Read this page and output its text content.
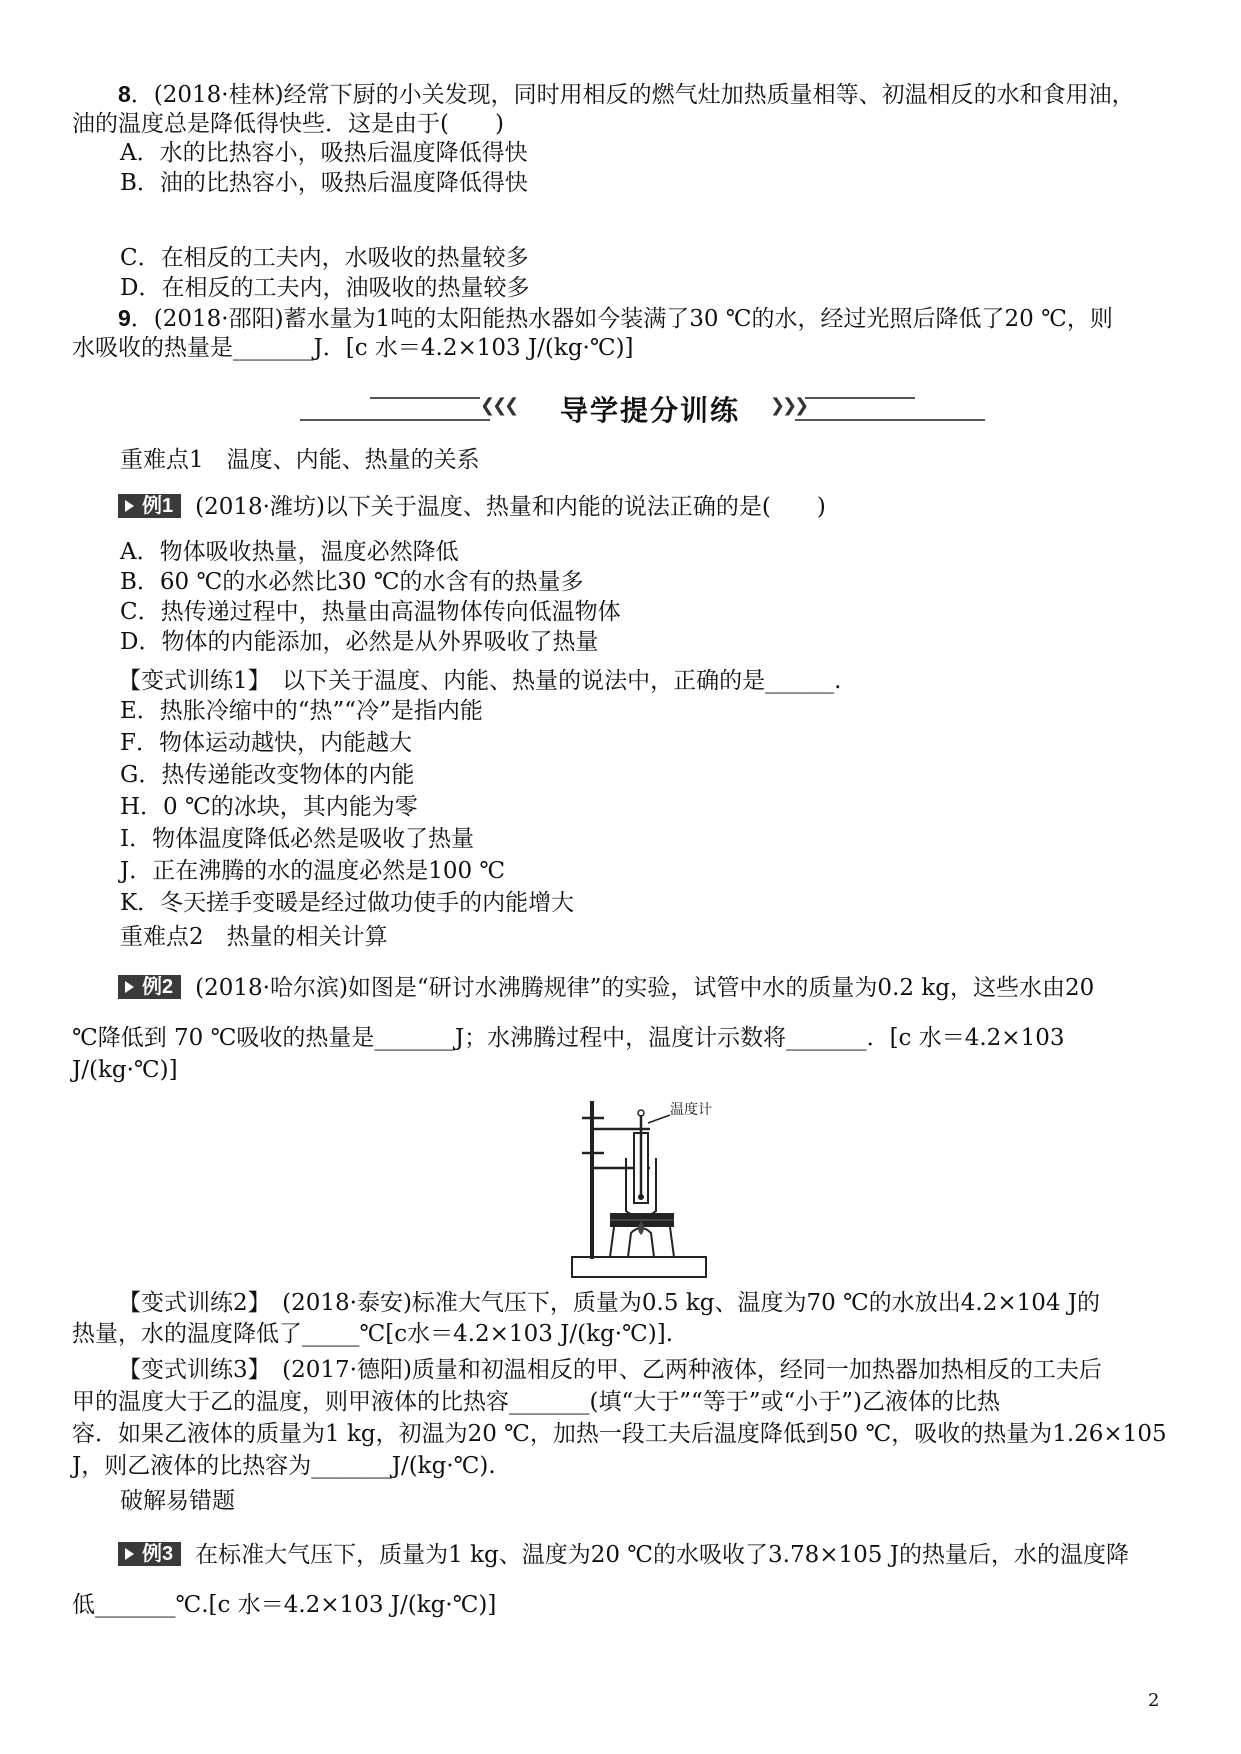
8．(2018·桂林)经常下厨的小关发现，同时用相反的燃气灶加热质量相等、初温相反的水和食用油，
油的温度总是降低得快些．这是由于(　　)
A．水的比热容小，吸热后温度降低得快
B．油的比热容小，吸热后温度降低得快
C．在相反的工夫内，水吸收的热量较多
D．在相反的工夫内，油吸收的热量较多
9．(2018·邵阳)蓄水量为1吨的太阳能热水器如今装满了30 ℃的水，经过光照后降低了20 ℃，则
水吸收的热量是_______J．[c 水＝4.2×103 J/(kg·℃)]
❮❮❮	导学提分训练	❯❯❯
重难点1　温度、内能、热量的关系
例1 (2018·潍坊)以下关于温度、热量和内能的说法正确的是(　　)
A．物体吸收热量，温度必然降低
B．60 ℃的水必然比30 ℃的水含有的热量多
C．热传递过程中，热量由高温物体传向低温物体
D．物体的内能添加，必然是从外界吸收了热量
【变式训练1】　以下关于温度、内能、热量的说法中，正确的是______.
E．热胀冷缩中的“热”“冷”是指内能
F．物体运动越快，内能越大
G．热传递能改变物体的内能
H．0 ℃的冰块，其内能为零
I．物体温度降低必然是吸收了热量
J．正在沸腾的水的温度必然是100 ℃
K．冬天搓手变暖是经过做功使手的内能增大
重难点2　热量的相关计算
例2 (2018·哈尔滨)如图是“研讨水沸腾规律”的实验，试管中水的质量为0.2 kg，这些水由20
℃降低到 70 ℃吸收的热量是_______J；水沸腾过程中，温度计示数将_______．[c 水＝4.2×103
J/(kg·℃)]
温度计
【变式训练2】　(2018·泰安)标准大气压下，质量为0.5 kg、温度为70 ℃的水放出4.2×104 J的
热量，水的温度降低了_____℃[c水＝4.2×103 J/(kg·℃)].
【变式训练3】　(2017·德阳)质量和初温相反的甲、乙两种液体，经同一加热器加热相反的工夫后
甲的温度大于乙的温度，则甲液体的比热容_______(填“大于”“等于”或“小于”)乙液体的比热
容．如果乙液体的质量为1 kg，初温为20 ℃，加热一段工夫后温度降低到50 ℃，吸收的热量为1.26×105
J，则乙液体的比热容为_______J/(kg·℃).
破解易错题
例3 在标准大气压下，质量为1 kg、温度为20 ℃的水吸收了3.78×105 J的热量后，水的温度降
低_______℃.[c 水＝4.2×103 J/(kg·℃)]
2
